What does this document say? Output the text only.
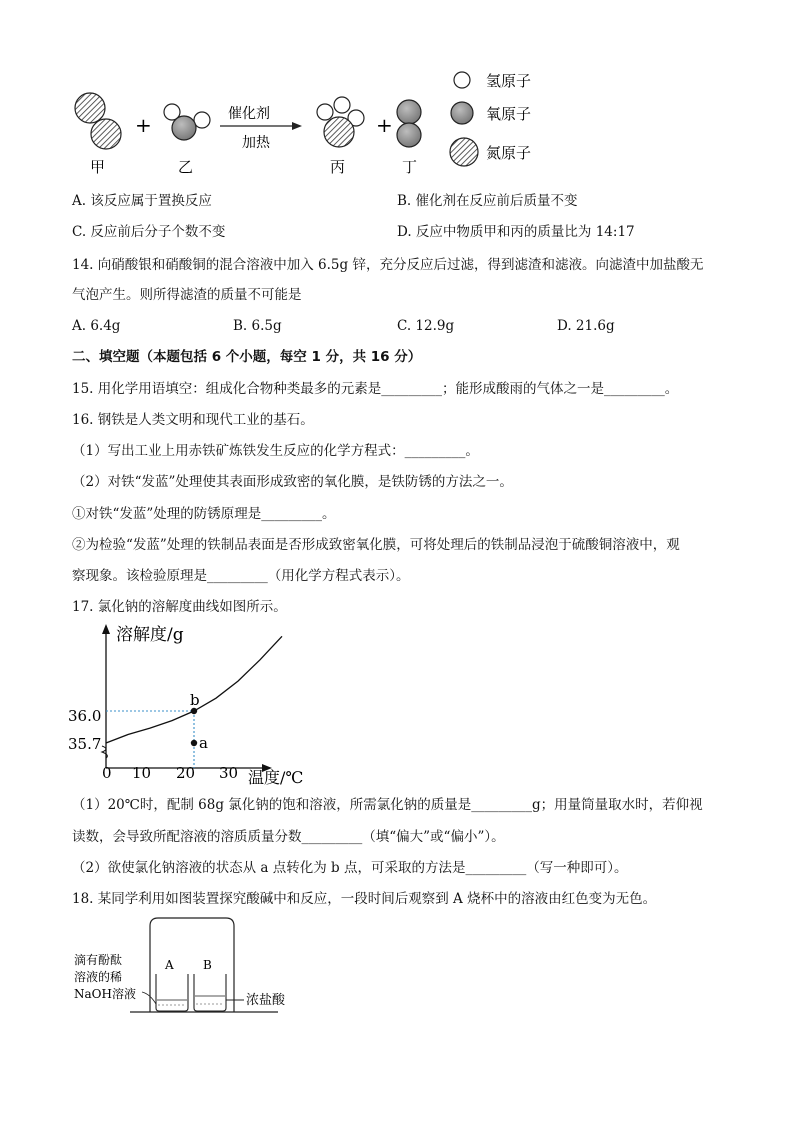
+	催化剂
加热
+
甲	乙	丙	丁
氢原子
氧原子
氮原子
A. 该反应属于置换反应	B. 催化剂在反应前后质量不变
C. 反应前后分子个数不变	D. 反应中物质甲和丙的质量比为 14:17
14. 向硝酸银和硝酸铜的混合溶液中加入 6.5g 锌，充分反应后过滤，得到滤渣和滤液。向滤渣中加盐酸无
气泡产生。则所得滤渣的质量不可能是
A. 6.4g	B. 6.5g	C. 12.9g	D. 21.6g
二、填空题（本题包括 6 个小题，每空 1 分，共 16 分）
15. 用化学用语填空：组成化合物种类最多的元素是_________；能形成酸雨的气体之一是_________。
16. 钢铁是人类文明和现代工业的基石。
（1）写出工业上用赤铁矿炼铁发生反应的化学方程式：_________。
（2）对铁“发蓝”处理使其表面形成致密的氧化膜，是铁防锈的方法之一。
①对铁“发蓝”处理的防锈原理是_________。
②为检验“发蓝”处理的铁制品表面是否形成致密氧化膜，可将处理后的铁制品浸泡于硫酸铜溶液中，观
察现象。该检验原理是_________（用化学方程式表示）。
17. 氯化钠的溶解度曲线如图所示。
溶解度/g
温度/℃
0 10 20 30
36.0
35.7
b
a
（1）20℃时，配制 68g 氯化钠的饱和溶液，所需氯化钠的质量是_________g；用量筒量取水时，若仰视
读数，会导致所配溶液的溶质质量分数_________（填“偏大”或“偏小”）。
（2）欲使氯化钠溶液的状态从 a 点转化为 b 点，可采取的方法是_________（写一种即可）。
18. 某同学利用如图装置探究酸碱中和反应，一段时间后观察到 A 烧杯中的溶液由红色变为无色。
A B
滴有酚酞
溶液的稀
NaOH溶液	浓盐酸
